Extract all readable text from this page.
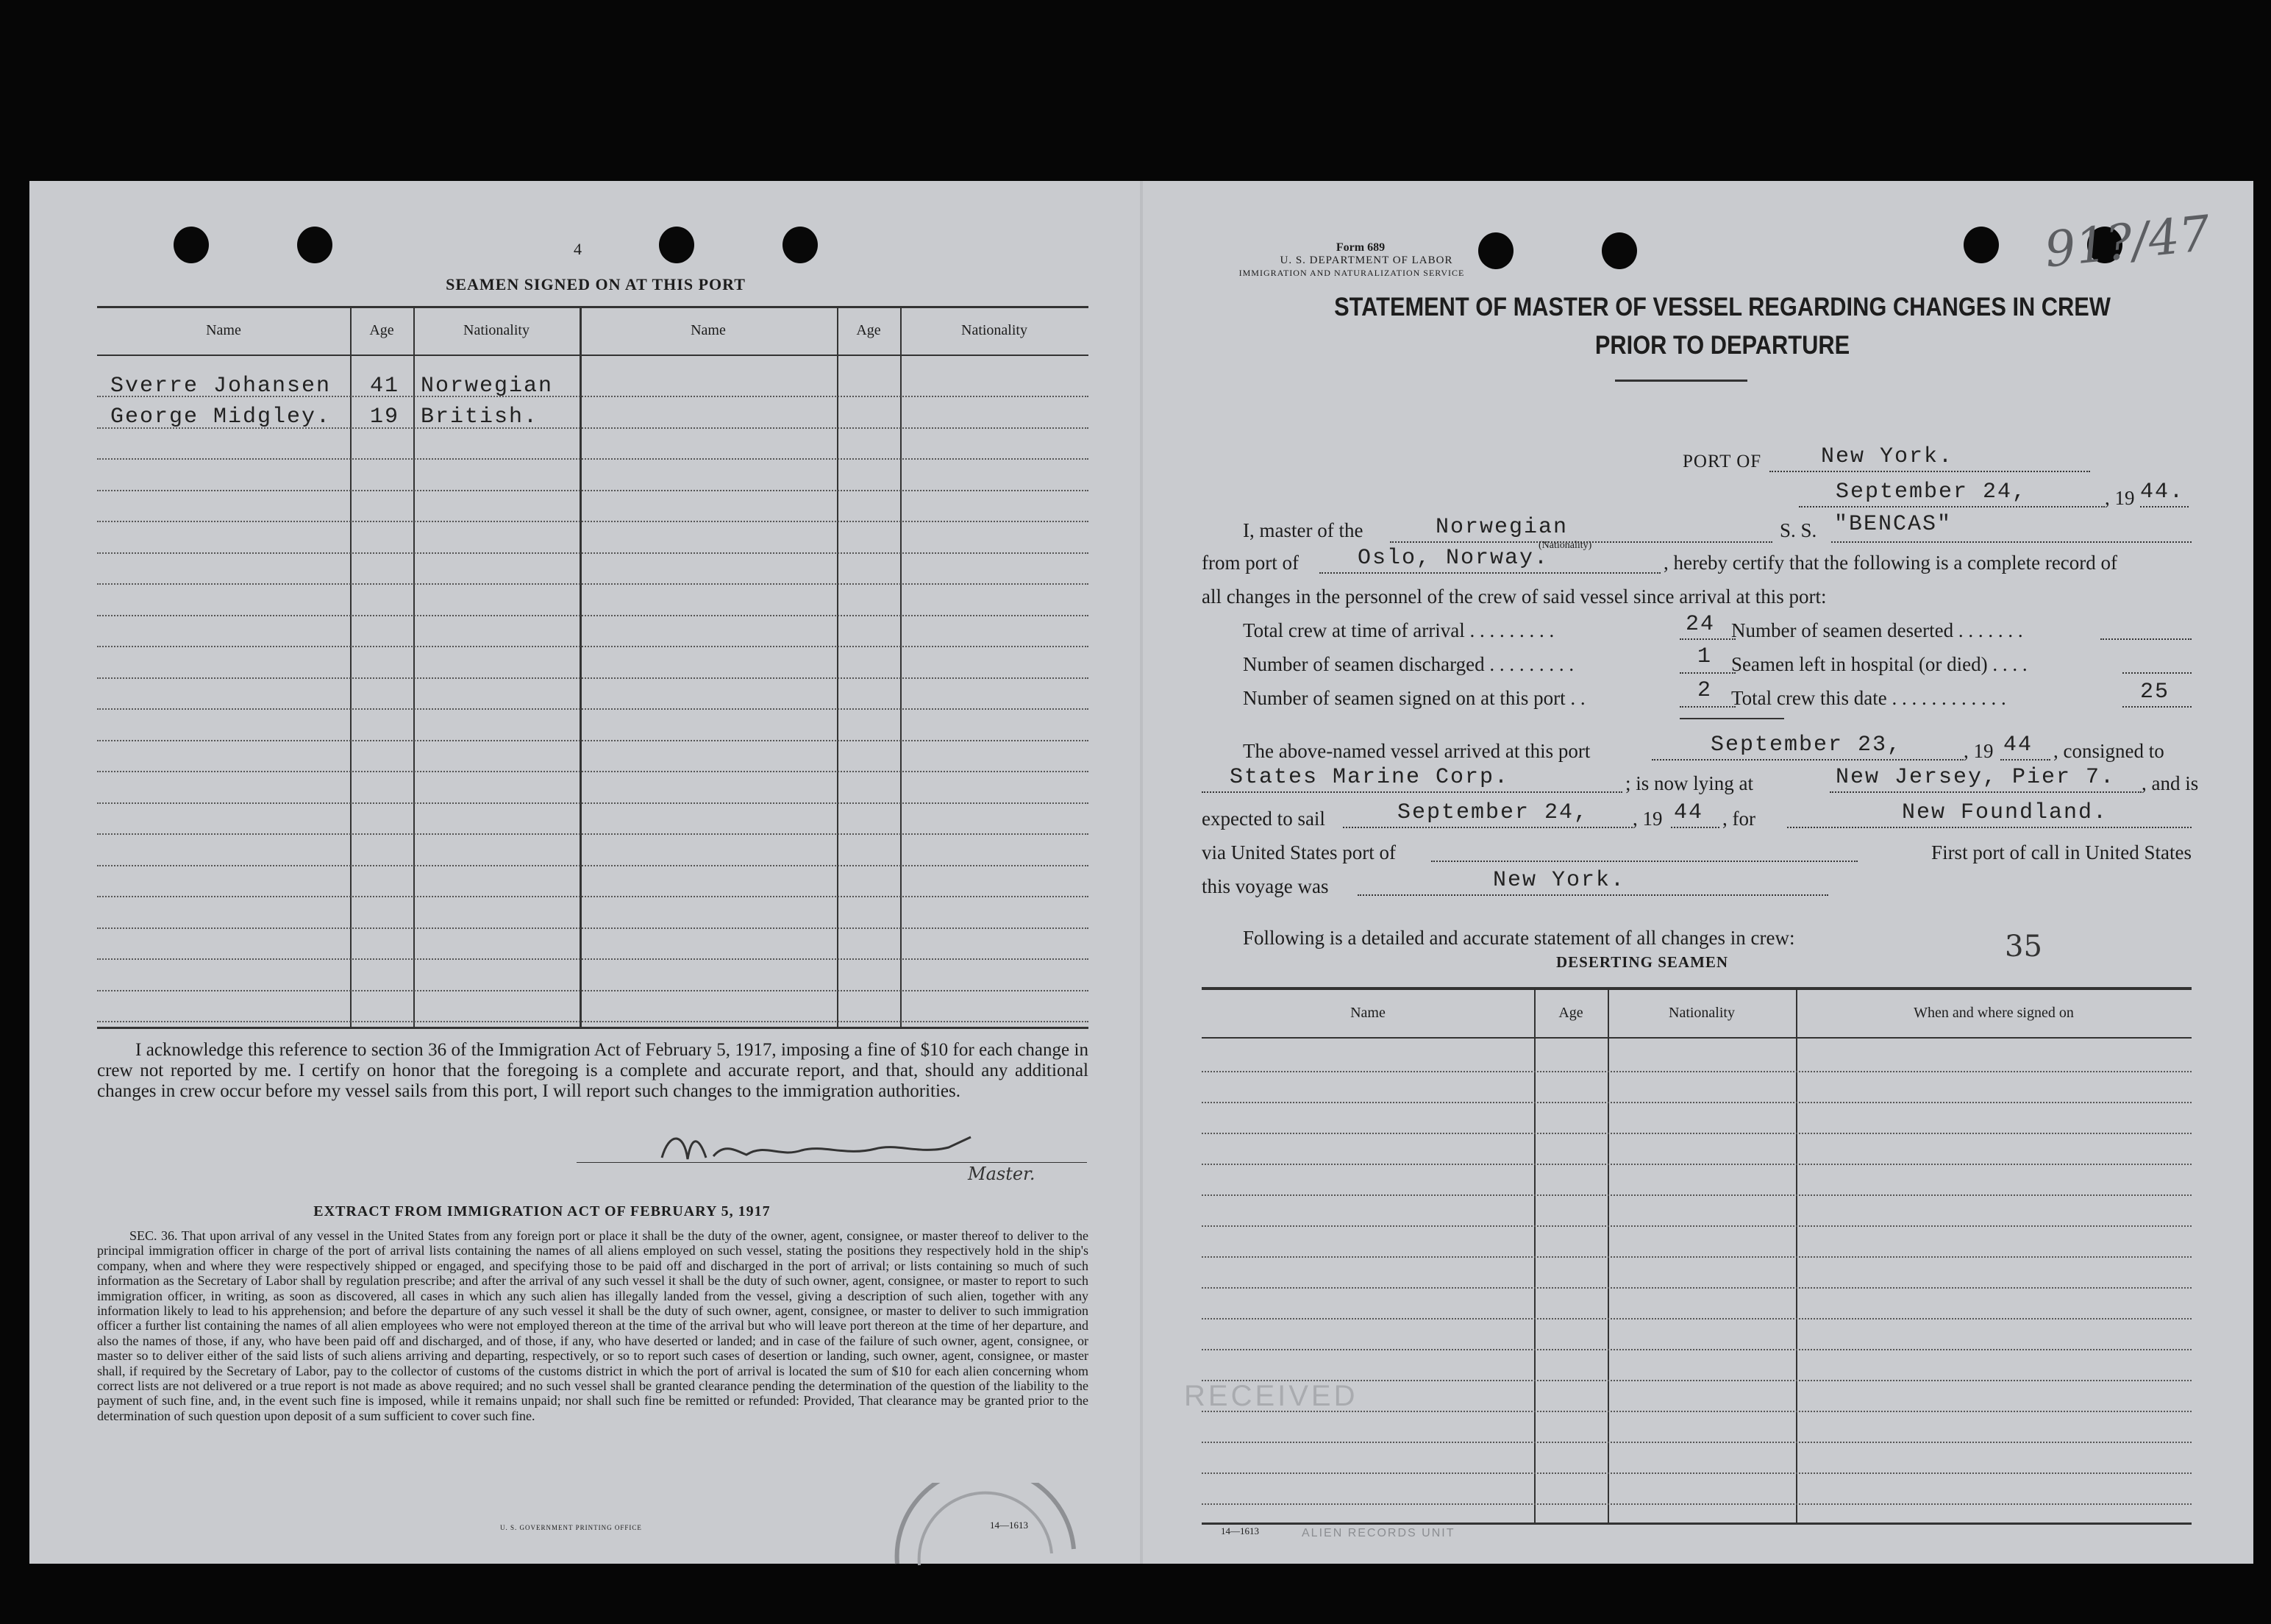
4
SEAMEN SIGNED ON AT THIS PORT
Name	Age	Nationality	Name	Age	Nationality
Sverre Johansen	41 Norwegian
George Midgley.	19 British.
I acknowledge this reference to section 36 of the Immigration Act of February 5, 1917, imposing a fine of $10 for each change in crew not reported by me. I certify on honor that the foregoing is a complete and accurate report, and that, should any additional changes in crew occur before my vessel sails from this port, I will report such changes to the immigration authorities.
Master.
EXTRACT FROM IMMIGRATION ACT OF FEBRUARY 5, 1917
SEC. 36. That upon arrival of any vessel in the United States from any foreign port or place it shall be the duty of the owner, agent, consignee, or master thereof to deliver to the principal immigration officer in charge of the port of arrival lists containing the names of all aliens employed on such vessel, stating the positions they respectively hold in the ship's company, when and where they were respectively shipped or engaged, and specifying those to be paid off and discharged in the port of arrival; or lists containing so much of such information as the Secretary of Labor shall by regulation prescribe; and after the arrival of any such vessel it shall be the duty of such owner, agent, consignee, or master to report to such immigration officer, in writing, as soon as discovered, all cases in which any such alien has illegally landed from the vessel, giving a description of such alien, together with any information likely to lead to his apprehension; and before the departure of any such vessel it shall be the duty of such owner, agent, consignee, or master to deliver to such immigration officer a further list containing the names of all alien employees who were not employed thereon at the time of the arrival but who will leave port thereon at the time of her departure, and also the names of those, if any, who have been paid off and discharged, and of those, if any, who have deserted or landed; and in case of the failure of such owner, agent, consignee, or master so to deliver either of the said lists of such aliens arriving and departing, respectively, or so to report such cases of desertion or landing, such owner, agent, consignee, or master shall, if required by the Secretary of Labor, pay to the collector of customs of the customs district in which the port of arrival is located the sum of $10 for each alien concerning whom correct lists are not delivered or a true report is not made as above required; and no such vessel shall be granted clearance pending the determination of the question of the liability to the payment of such fine, and, in the event such fine is imposed, while it remains unpaid; nor shall such fine be remitted or refunded: Provided, That clearance may be granted prior to the determination of such question upon deposit of a sum sufficient to cover such fine.
U. S. GOVERNMENT PRINTING OFFICE	14—1613
Form 689
U. S. DEPARTMENT OF LABOR
IMMIGRATION AND NATURALIZATION SERVICE	91?/47
STATEMENT OF MASTER OF VESSEL REGARDING CHANGES IN CREW
PRIOR TO DEPARTURE
PORT OF	New York.
September 24,	, 19 44.
I, master of the	Norwegian
(Nationality)
S. S. "BENCAS"
from port of	Oslo, Norway.	, hereby certify that the following is a complete record of
all changes in the personnel of the crew of said vessel since arrival at this port:
Total crew at time of arrival . . . . . . . . .	24 Number of seamen deserted . . . . . . .
Number of seamen discharged . . . . . . . . .	1 Seamen left in hospital (or died) . . . .
Number of seamen signed on at this port . .	2 Total crew this date . . . . . . . . . . . .	25
The above-named vessel arrived at this port	September 23,	, 19 44 , consigned to
States Marine Corp.	; is now lying at	New Jersey, Pier 7. , and is
expected to sail	September 24, , 19 44 , for	New Foundland.
via United States port of	First port of call in United States
this voyage was	New York.
Following is a detailed and accurate statement of all changes in crew:
DESERTING SEAMEN	35
Name	Age	Nationality	When and where signed on
RECEIVED
ALIEN RECORDS UNIT
14—1613
